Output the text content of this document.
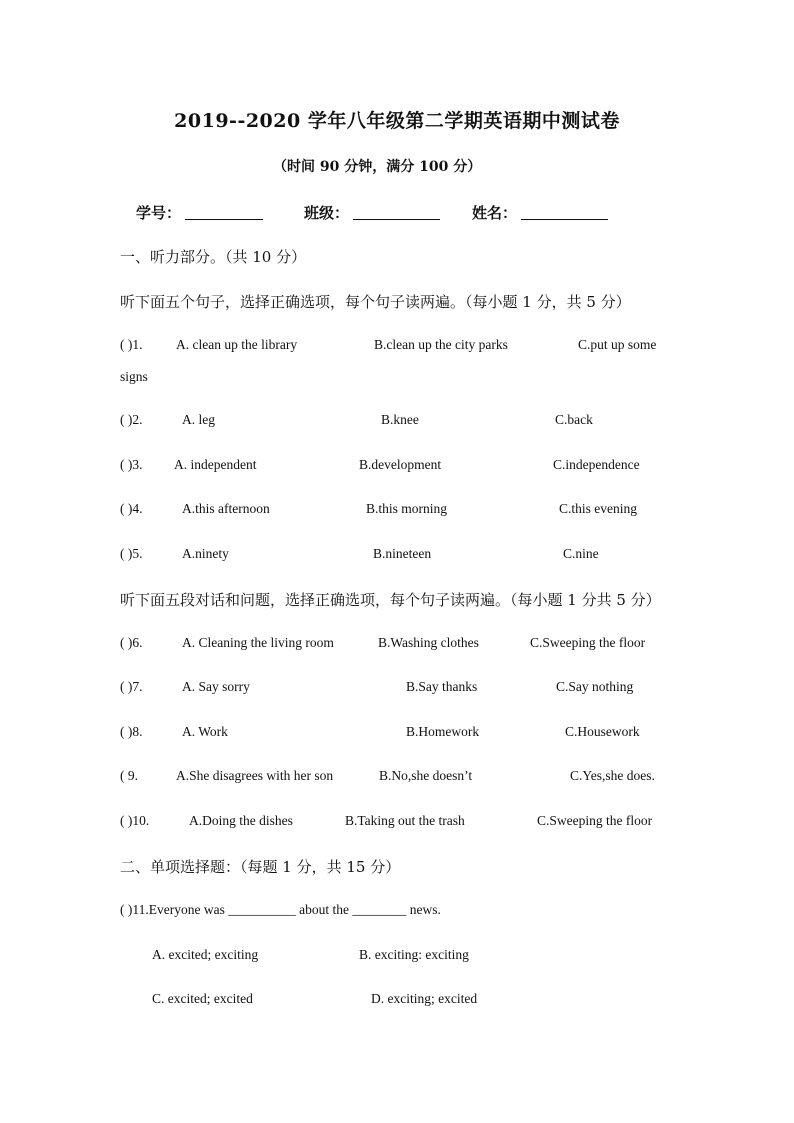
2019--2020 学年八年级第二学期英语期中测试卷
（时间 90 分钟，满分 100 分）
学号：	班级：	姓名：
一、听力部分。（共 10 分）
听下面五个句子，选择正确选项，每个句子读两遍。（每小题 1 分，共 5 分）
( )1. A. clean up the library	B.clean up the city parks	C.put up some
signs
( )2.	A. leg	B.knee	C.back
( )3. A. independent	B.development	C.independence
( )4.	A.this afternoon	B.this morning	C.this evening
( )5.	A.ninety	B.nineteen	C.nine
听下面五段对话和问题，选择正确选项，每个句子读两遍。（每小题 1 分共 5 分）
( )6.	A. Cleaning the living room	B.Washing clothes	C.Sweeping the floor
( )7.	A. Say sorry	B.Say thanks	C.Say nothing
( )8.	A. Work	B.Homework	C.Housework
( 9.	A.She disagrees with her son	B.No,she doesn’t	C.Yes,she does.
( )10.	A.Doing the dishes	B.Taking out the trash	C.Sweeping the floor
二、单项选择题：（每题 1 分，共 15 分）
( )11.Everyone was __________ about the ________ news.
A. excited; exciting	B. exciting: exciting
C. excited; excited	D. exciting; excited
